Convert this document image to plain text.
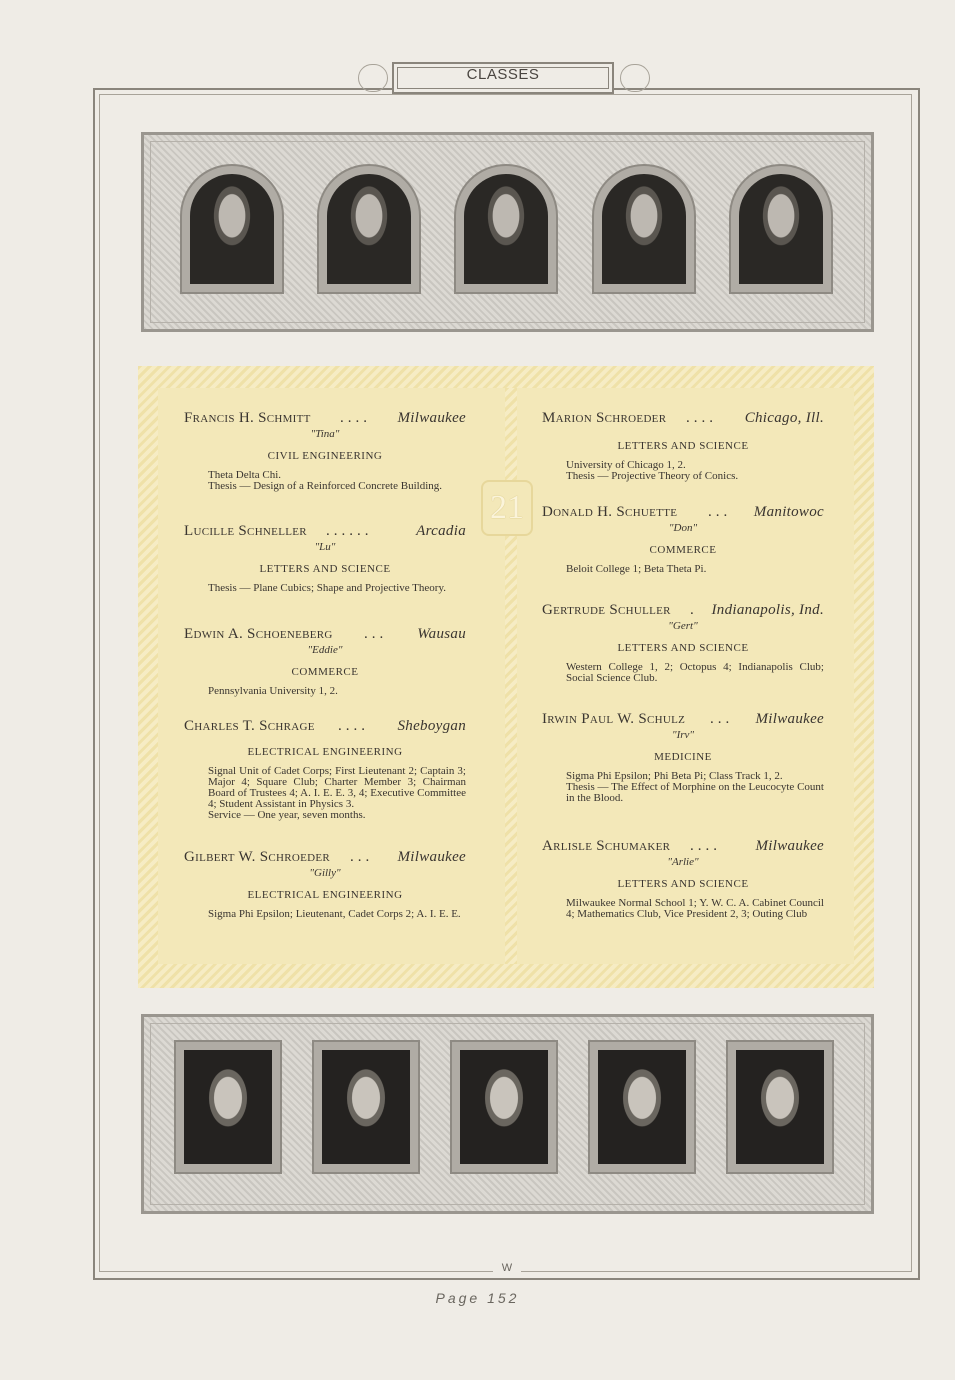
CLASSES
21
Francis H. Schmitt .... Milwaukee
"Tina"
CIVIL ENGINEERING

Theta Delta Chi.

Thesis — Design of a Reinforced Concrete Building.

Lucille Schneller ......	Arcadia
"Lu"
LETTERS AND SCIENCE

Thesis — Plane Cubics; Shape and Projective Theory.

Edwin A. Schoeneberg ... Wausau
"Eddie"
COMMERCE

Pennsylvania University 1, 2.

Charles T. Schrage .... Sheboygan
ELECTRICAL ENGINEERING

Signal Unit of Cadet Corps; First Lieutenant 2; Captain 3; Major 4; Square Club; Charter Member 3; Chairman Board of Trustees 4; A. I. E. E. 3, 4; Executive Committee 4; Student Assistant in Physics 3.

Service — One year, seven months.

Gilbert W. Schroeder ... Milwaukee
"Gilly"
ELECTRICAL ENGINEERING

Sigma Phi Epsilon; Lieutenant, Cadet Corps 2; A. I. E. E.

Marion Schroeder .... Chicago, Ill.
LETTERS AND SCIENCE

University of Chicago 1, 2.

Thesis — Projective Theory of Conics.

Donald H. Schuette ... Manitowoc
"Don"
COMMERCE

Beloit College 1; Beta Theta Pi.

Gertrude Schuller . Indianapolis, Ind.
"Gert"
LETTERS AND SCIENCE

Western College 1, 2; Octopus 4; Indianapolis Club; Social Science Club.

Irwin Paul W. Schulz ... Milwaukee
"Irv"
MEDICINE

Sigma Phi Epsilon; Phi Beta Pi; Class Track 1, 2.

Thesis — The Effect of Morphine on the Leucocyte Count in the Blood.

Arlisle Schumaker .... Milwaukee
"Arlie"
LETTERS AND SCIENCE

Milwaukee Normal School 1; Y. W. C. A. Cabinet Council 4; Mathematics Club, Vice President 2, 3; Outing Club

W
Page 152
